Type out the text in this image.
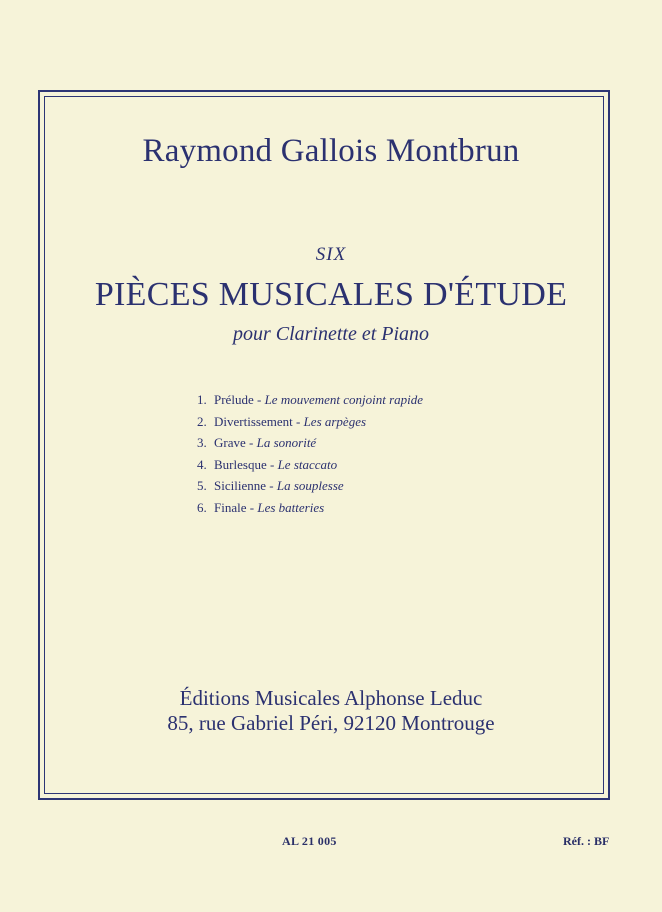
Raymond Gallois Montbrun
SIX
PIÈCES MUSICALES D'ÉTUDE
pour Clarinette et Piano
1. Prélude - Le mouvement conjoint rapide
2. Divertissement - Les arpèges
3. Grave - La sonorité
4. Burlesque - Le staccato
5. Sicilienne - La souplesse
6. Finale - Les batteries
Éditions Musicales Alphonse Leduc
85, rue Gabriel Péri, 92120 Montrouge
AL 21 005	Réf. : BF
